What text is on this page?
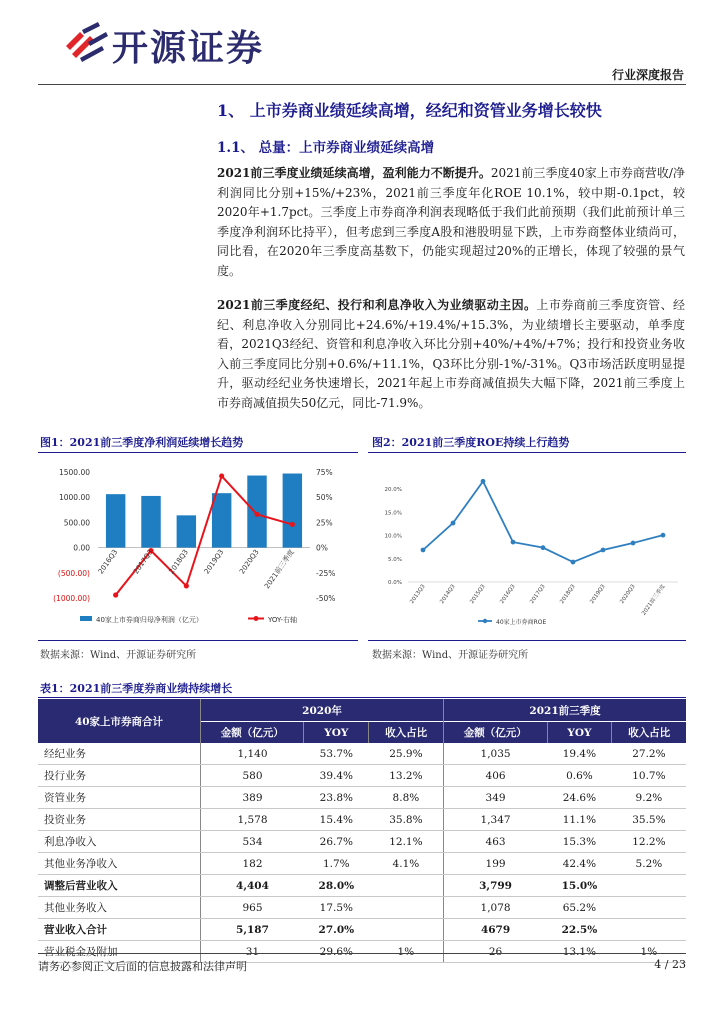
开源证券
行业深度报告
1、 上市券商业绩延续高增，经纪和资管业务增长较快
1.1、 总量：上市券商业绩延续高增
2021前三季度业绩延续高增，盈利能力不断提升。2021前三季度40家上市券商营收/净利润同比分别+15%/+23%，2021前三季度年化ROE 10.1%，较中期-0.1pct，较2020年+1.7pct。三季度上市券商净利润表现略低于我们此前预期（我们此前预计单三季度净利润环比持平），但考虑到三季度A股和港股明显下跌，上市券商整体业绩尚可，同比看，在2020年三季度高基数下，仍能实现超过20%的正增长，体现了较强的景气度。
2021前三季度经纪、投行和利息净收入为业绩驱动主因。上市券商前三季度资管、经纪、利息净收入分别同比+24.6%/+19.4%/+15.3%，为业绩增长主要驱动，单季度看，2021Q3经纪、资管和利息净收入环比分别+40%/+4%/+7%；投行和投资业务收入前三季度同比分别+0.6%/+11.1%，Q3环比分别-1%/-31%。Q3市场活跃度明显提升，驱动经纪业务快速增长，2021年起上市券商减值损失大幅下降，2021前三季度上市券商减值损失50亿元，同比-71.9%。
图1：2021前三季度净利润延续增长趋势	图2：2021前三季度ROE持续上行趋势
(1000.00)
(500.00)
0.00
500.00
1000.00
1500.00
-50%
-25%
0%
25%
50%
75%
2016Q3 2017Q3 2018Q3 2019Q3 2020Q3 2021前三季度
40家上市券商归母净利润（亿元）	YOY-右轴
0.0%
5.0%
10.0%
15.0%
20.0%
2013Q3 2014Q3 2015Q3 2016Q3 2017Q3 2018Q3 2019Q3 2020Q3 2021前三季度
40家上市券商ROE
数据来源：Wind、开源证券研究所	数据来源：Wind、开源证券研究所
表1：2021前三季度券商业绩持续增长
40家上市券商合计	2020年			2021前三季度		
	金额（亿元）	YOY	收入占比	金额（亿元）	YOY	收入占比
经纪业务	1,140	53.7%	25.9%	1,035	19.4%	27.2%
投行业务	580	39.4%	13.2%	406	0.6%	10.7%
资管业务	389	23.8%	8.8%	349	24.6%	9.2%
投资业务	1,578	15.4%	35.8%	1,347	11.1%	35.5%
利息净收入	534	26.7%	12.1%	463	15.3%	12.2%
其他业务净收入	182	1.7%	4.1%	199	42.4%	5.2%
调整后营业收入	4,404	28.0%		3,799	15.0%	
其他业务收入	965	17.5%		1,078	65.2%	
营业收入合计	5,187	27.0%		4679	22.5%	
营业税金及附加	31	29.6%	1%	26	13.1%	1%
请务必参阅正文后面的信息披露和法律声明	4 / 23
